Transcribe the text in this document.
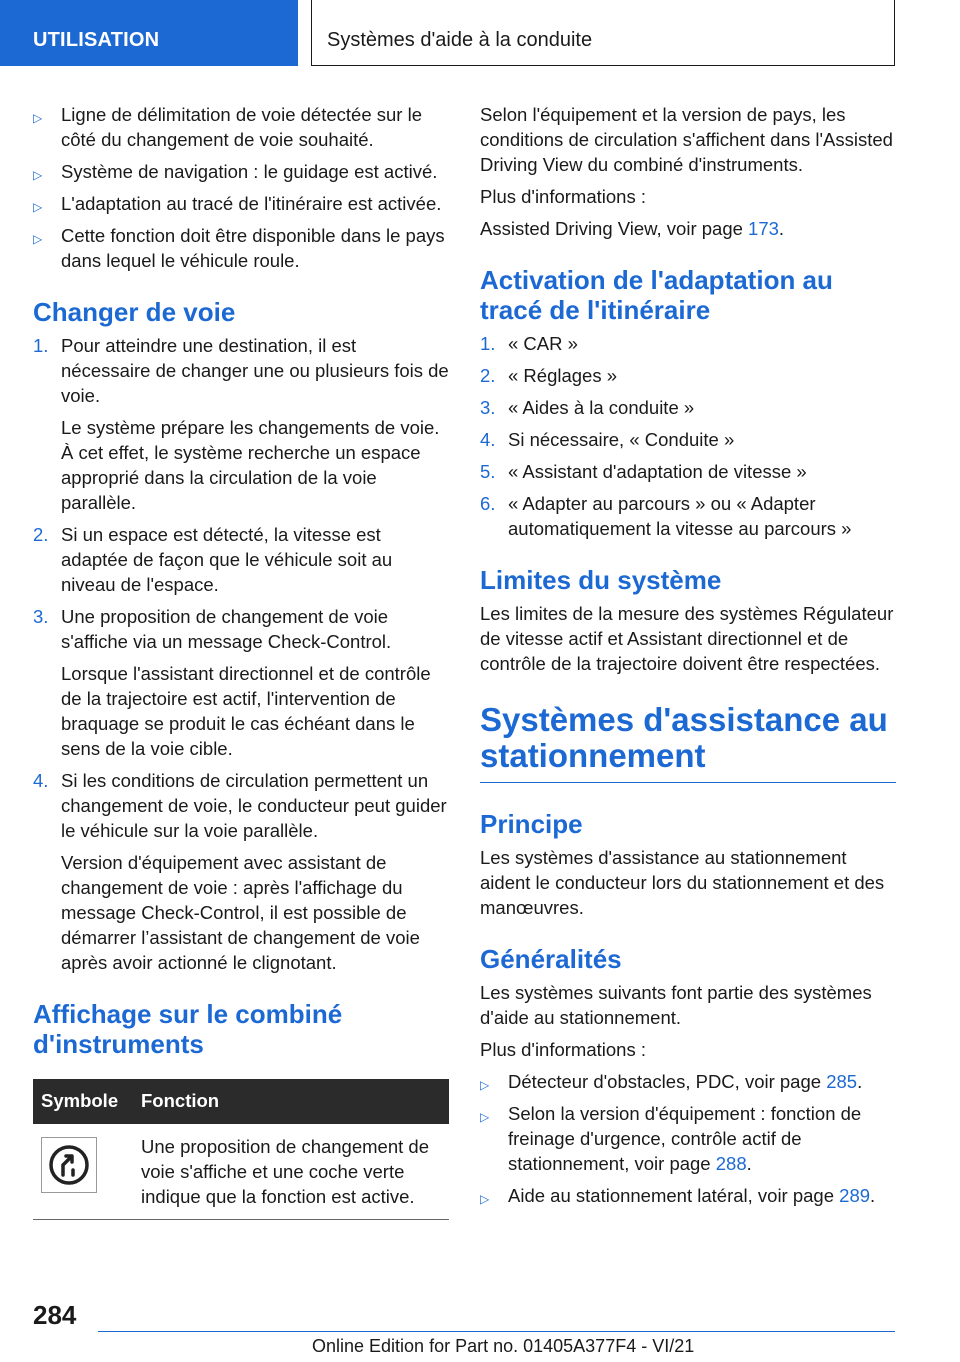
UTILISATION	Systèmes d'aide à la conduite
▷ Ligne de délimitation de voie détectée sur le côté du changement de voie souhaité.
▷ Système de navigation : le guidage est activé.
▷ L'adaptation au tracé de l'itinéraire est activée.
▷ Cette fonction doit être disponible dans le pays dans lequel le véhicule roule.
Changer de voie
1. Pour atteindre une destination, il est nécessaire de changer une ou plusieurs fois de voie.

Le système prépare les changements de voie. À cet effet, le système recherche un espace approprié dans la circulation de la voie parallèle.

2. Si un espace est détecté, la vitesse est adaptée de façon que le véhicule soit au niveau de l'espace.

3. Une proposition de changement de voie s'affiche via un message Check-Control.

Lorsque l'assistant directionnel et de contrôle de la trajectoire est actif, l'intervention de braquage se produit le cas échéant dans le sens de la voie cible.

4. Si les conditions de circulation permettent un changement de voie, le conducteur peut guider le véhicule sur la voie parallèle.

Version d'équipement avec assistant de changement de voie : après l'affichage du message Check-Control, il est possible de démarrer l’assistant de changement de voie après avoir actionné le clignotant.

Affichage sur le combiné d'instruments
Symbole	Fonction

	Une proposition de changement de voie s'affiche et une coche verte indique que la fonction est active.

Selon l'équipement et la version de pays, les conditions de circulation s'affichent dans l'Assisted Driving View du combiné d'instruments.

Plus d'informations :

Assisted Driving View, voir page 173.

Activation de l'adaptation au tracé de l'itinéraire
1. « CAR »
2. « Réglages »
3. « Aides à la conduite »
4. Si nécessaire, « Conduite »
5. « Assistant d'adaptation de vitesse »
6. « Adapter au parcours » ou « Adapter automatiquement la vitesse au parcours »
Limites du système

Les limites de la mesure des systèmes Régulateur de vitesse actif et Assistant directionnel et de contrôle de la trajectoire doivent être respectées.

Systèmes d'assistance au stationnement
Principe

Les systèmes d'assistance au stationnement aident le conducteur lors du stationnement et des manœuvres.

Généralités

Les systèmes suivants font partie des systèmes d'aide au stationnement.

Plus d'informations :

▷ Détecteur d'obstacles, PDC, voir page 285.
▷ Selon la version d'équipement : fonction de freinage d'urgence, contrôle actif de stationnement, voir page 288.
▷ Aide au stationnement latéral, voir page 289.
284
Online Edition for Part no. 01405A377F4 - VI/21
